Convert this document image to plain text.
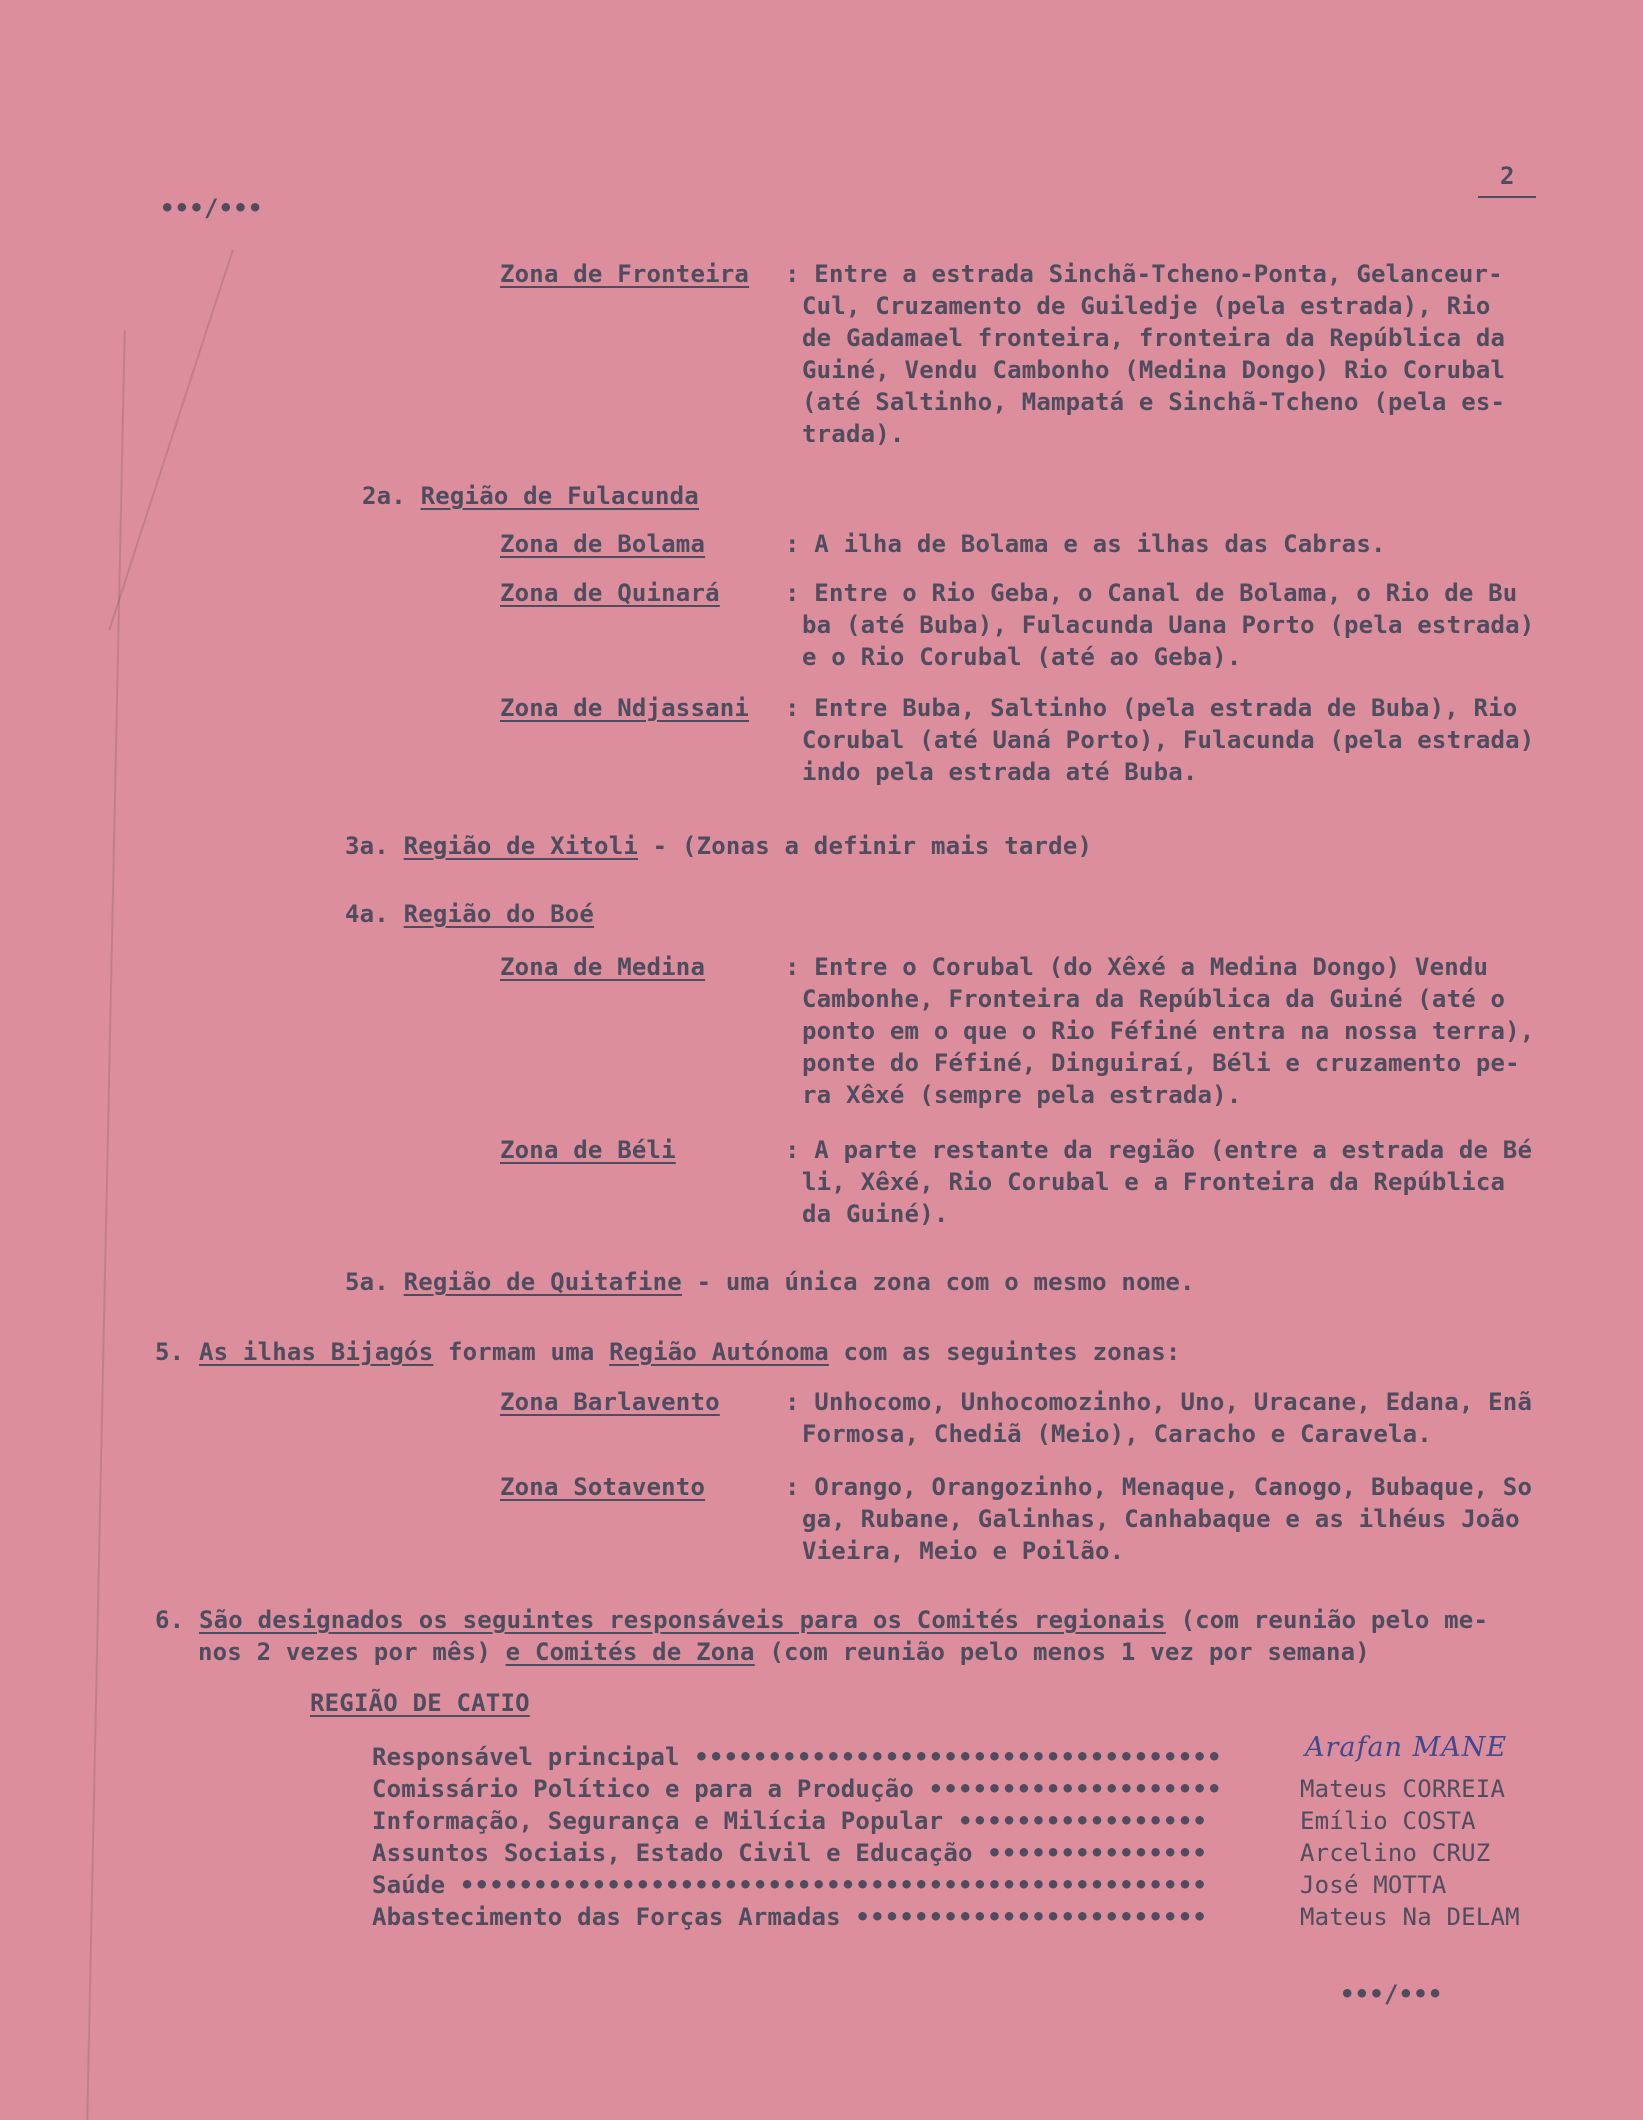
•••/•••
2
Zona de Fronteira : Entre a estrada Sinchã-Tcheno-Ponta, Gelanceur-
Cul, Cruzamento de Guiledje (pela estrada), Rio
de Gadamael fronteira, fronteira da República da
Guiné, Vendu Cambonho (Medina Dongo) Rio Corubal
(até Saltinho, Mampatá e Sinchã-Tcheno (pela es-
trada).
2a. Região de Fulacunda
Zona de Bolama	: A ilha de Bolama e as ilhas das Cabras.
Zona de Quinará	: Entre o Rio Geba, o Canal de Bolama, o Rio de Bu
ba (até Buba), Fulacunda Uana Porto (pela estrada)
e o Rio Corubal (até ao Geba).
Zona de Ndjassani : Entre Buba, Saltinho (pela estrada de Buba), Rio
Corubal (até Uaná Porto), Fulacunda (pela estrada)
indo pela estrada até Buba.
3a. Região de Xitoli - (Zonas a definir mais tarde)
4a. Região do Boé
Zona de Medina	: Entre o Corubal (do Xêxé a Medina Dongo) Vendu
Cambonhe, Fronteira da República da Guiné (até o
ponto em o que o Rio Féfiné entra na nossa terra),
ponte do Féfiné, Dinguiraí, Béli e cruzamento pe-
ra Xêxé (sempre pela estrada).
Zona de Béli	: A parte restante da região (entre a estrada de Bé
li, Xêxé, Rio Corubal e a Fronteira da República
da Guiné).
5a. Região de Quitafine - uma única zona com o mesmo nome.
5. As ilhas Bijagós formam uma Região Autónoma com as seguintes zonas:
Zona Barlavento	: Unhocomo, Unhocomozinho, Uno, Uracane, Edana, Enã
Formosa, Chediã (Meio), Caracho e Caravela.
Zona Sotavento	: Orango, Orangozinho, Menaque, Canogo, Bubaque, So
ga, Rubane, Galinhas, Canhabaque e as ilhéus João
Vieira, Meio e Poilão.
6. São designados os seguintes responsáveis para os Comités regionais (com reunião pelo me-
nos 2 vezes por mês) e Comités de Zona (com reunião pelo menos 1 vez por semana)
REGIÃO DE CATIO
Responsável principal ••••••••••••••••••••••••••••••••••••	Arafan MANE
Comissário Político e para a Produção ••••••••••••••••••••	Mateus CORREIA
Informação, Segurança e Milícia Popular •••••••••••••••••	Emílio COSTA
Assuntos Sociais, Estado Civil e Educação •••••••••••••••	Arcelino CRUZ
Saúde •••••••••••••••••••••••••••••••••••••••••••••••••••	José MOTTA
Abastecimento das Forças Armadas ••••••••••••••••••••••••	Mateus Na DELAM
•••/•••
